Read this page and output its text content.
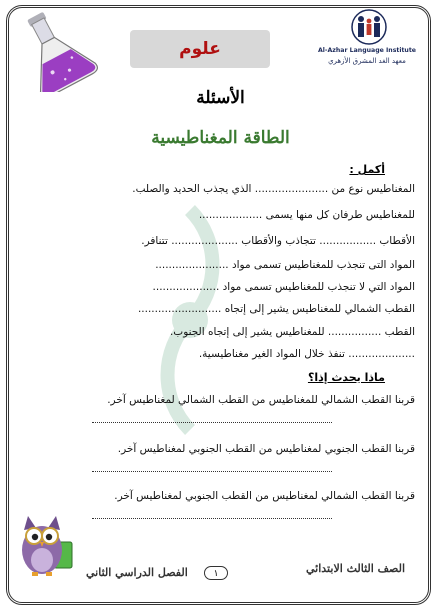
علوم	Al-Azhar Language Institute
معهد الغد المشرق الأزهري
الأسئلة
الطاقة المغناطيسية
أكمل :
المغناطيس نوع من ...................... الذي يجذب الحديد والصلب.
للمغناطيس طرفان كل منها يسمى ...................
الأقطاب ................. تتجاذب والأقطاب .................... تتنافر.
المواد التى تنجذب للمغناطيس تسمى مواد ......................
المواد التي لا تنجذب للمغناطيس تسمى مواد ....................
القطب الشمالي للمغناطيس يشير إلى إتجاه .........................
القطب ................ للمغناطيس يشير إلى إتجاه الجنوب.
.................... تنفذ خلال المواد الغير مغناطيسية.
ماذا يحدث إذا؟
قربنا القطب الشمالي للمغناطيس من القطب الشمالي لمغناطيس آخر.
قربنا القطب الجنوبي لمغناطيس من القطب الجنوبي لمغناطيس آخر.
قربنا القطب الشمالي لمغناطيس من القطب الجنوبي لمغناطيس آخر.
الصف الثالث الابتدائي
١
الفصل الدراسي الثاني
